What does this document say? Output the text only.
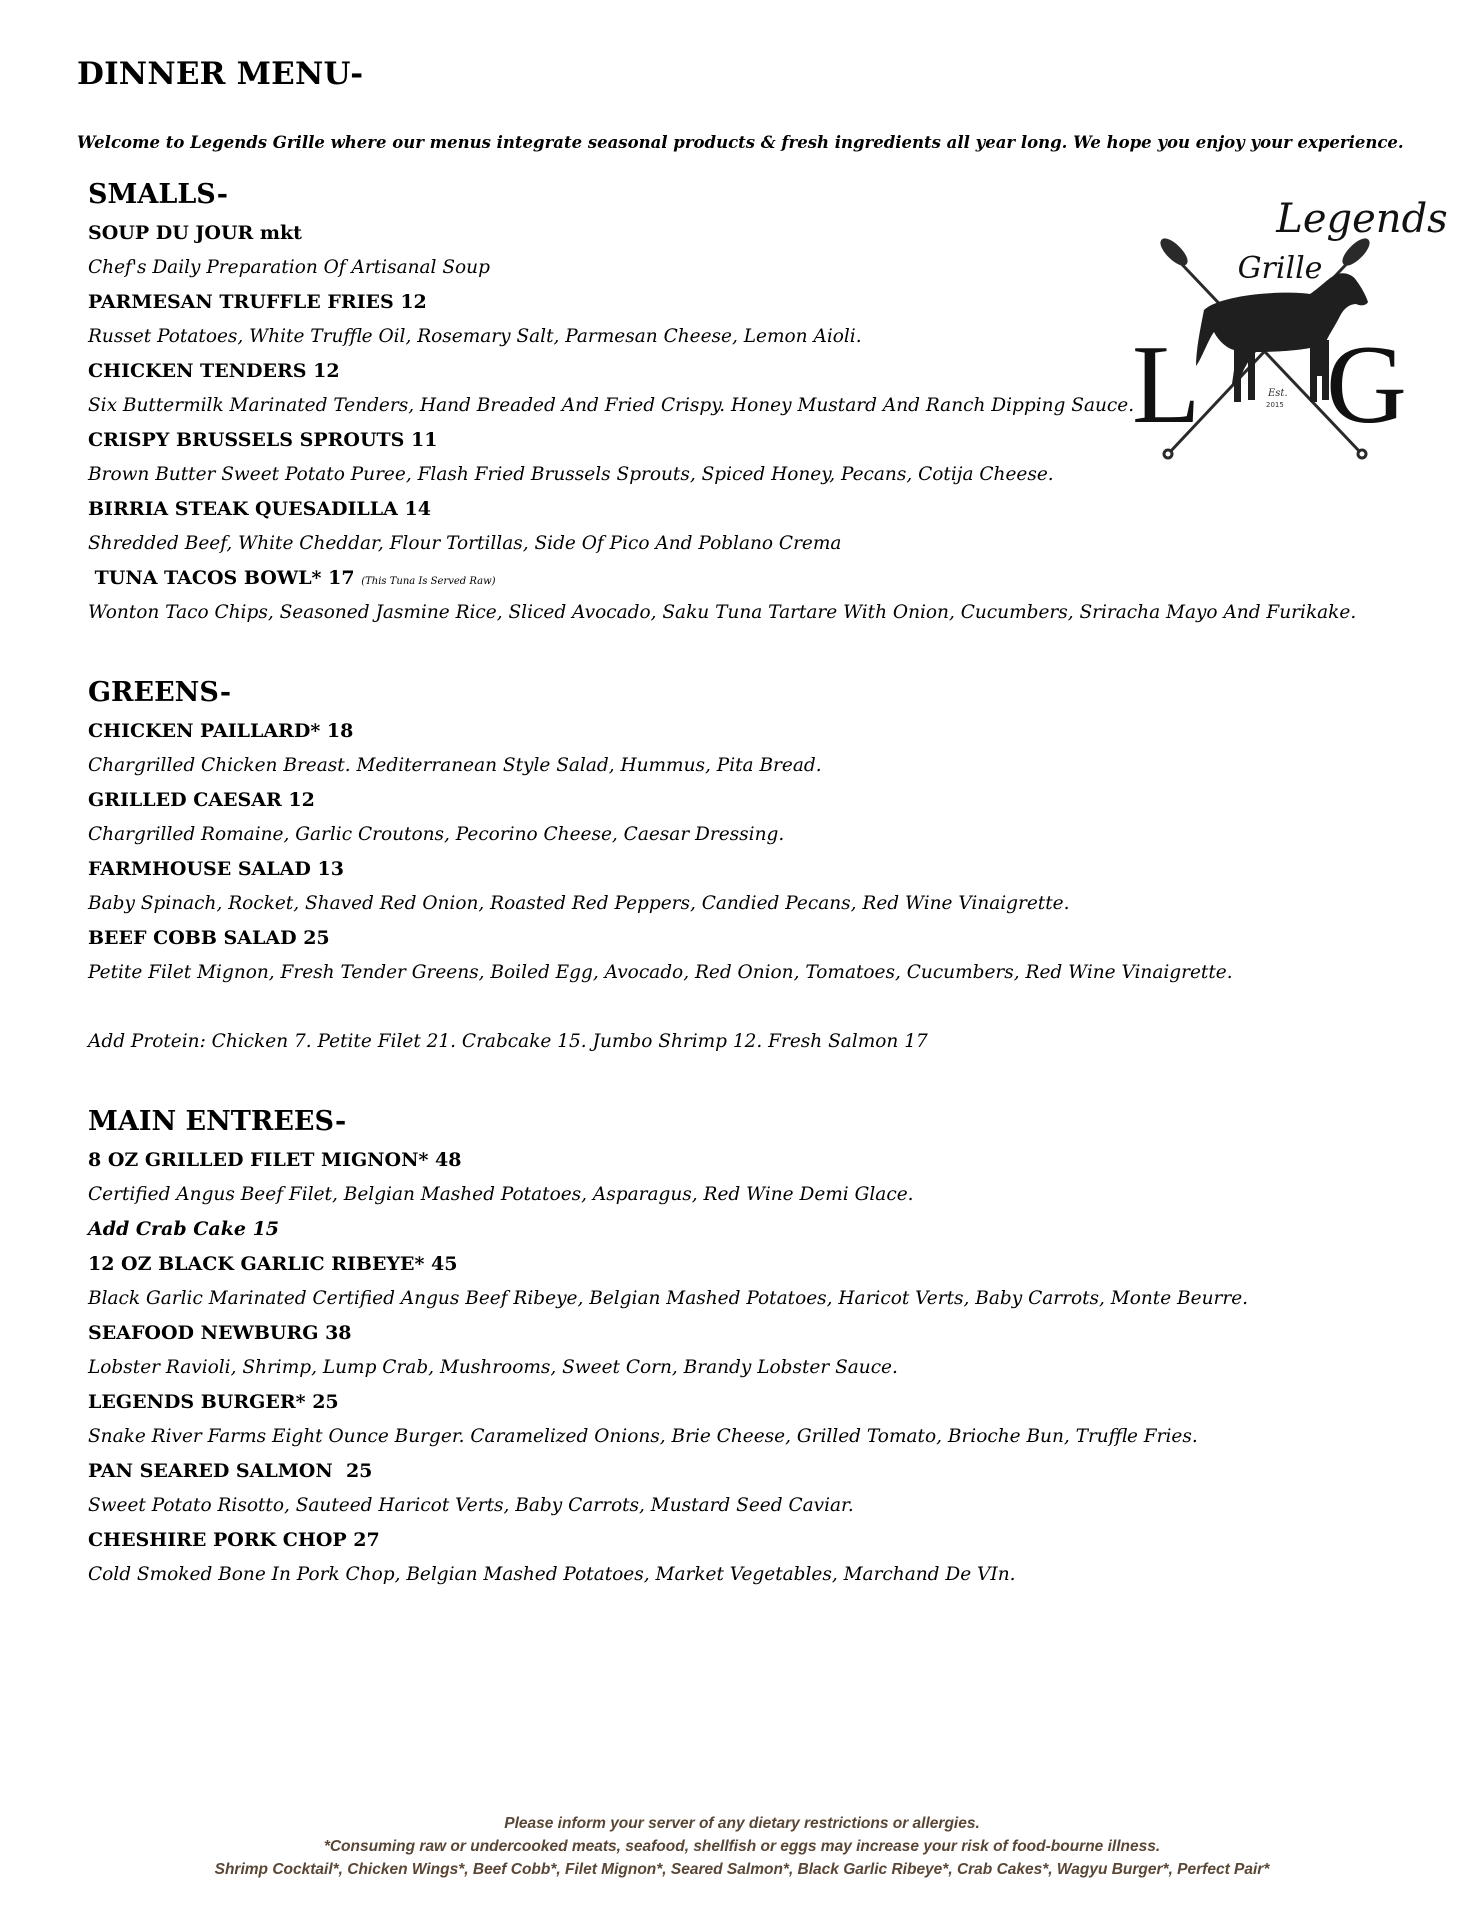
DINNER MENU-

Welcome to Legends Grille where our menus integrate seasonal products & fresh ingredients all year long. We hope you enjoy your experience.

Legends
Grille
L G
Est.
2015
SMALLS-
SOUP DU JOUR mkt
Chef's Daily Preparation Of Artisanal Soup
PARMESAN TRUFFLE FRIES 12
Russet Potatoes, White Truffle Oil, Rosemary Salt, Parmesan Cheese, Lemon Aioli.
CHICKEN TENDERS 12
Six Buttermilk Marinated Tenders, Hand Breaded And Fried Crispy. Honey Mustard And Ranch Dipping Sauce.
CRISPY BRUSSELS SPROUTS 11
Brown Butter Sweet Potato Puree, Flash Fried Brussels Sprouts, Spiced Honey, Pecans, Cotija Cheese.
BIRRIA STEAK QUESADILLA 14
Shredded Beef, White Cheddar, Flour Tortillas, Side Of Pico And Poblano Crema
TUNA TACOS BOWL* 17 (This Tuna Is Served Raw)
Wonton Taco Chips, Seasoned Jasmine Rice, Sliced Avocado, Saku Tuna Tartare With Onion, Cucumbers, Sriracha Mayo And Furikake.
GREENS-
CHICKEN PAILLARD* 18
Chargrilled Chicken Breast. Mediterranean Style Salad, Hummus, Pita Bread.
GRILLED CAESAR 12
Chargrilled Romaine, Garlic Croutons, Pecorino Cheese, Caesar Dressing.
FARMHOUSE SALAD 13
Baby Spinach, Rocket, Shaved Red Onion, Roasted Red Peppers, Candied Pecans, Red Wine Vinaigrette.
BEEF COBB SALAD 25
Petite Filet Mignon, Fresh Tender Greens, Boiled Egg, Avocado, Red Onion, Tomatoes, Cucumbers, Red Wine Vinaigrette.
Add Protein: Chicken 7. Petite Filet 21. Crabcake 15. Jumbo Shrimp 12. Fresh Salmon 17
MAIN ENTREES-
8 OZ GRILLED FILET MIGNON* 48
Certified Angus Beef Filet, Belgian Mashed Potatoes, Asparagus, Red Wine Demi Glace.
Add Crab Cake 15
12 OZ BLACK GARLIC RIBEYE* 45
Black Garlic Marinated Certified Angus Beef Ribeye, Belgian Mashed Potatoes, Haricot Verts, Baby Carrots, Monte Beurre.
SEAFOOD NEWBURG 38
Lobster Ravioli, Shrimp, Lump Crab, Mushrooms, Sweet Corn, Brandy Lobster Sauce.
LEGENDS BURGER* 25
Snake River Farms Eight Ounce Burger. Caramelized Onions, Brie Cheese, Grilled Tomato, Brioche Bun, Truffle Fries.
PAN SEARED SALMON  25
Sweet Potato Risotto, Sauteed Haricot Verts, Baby Carrots, Mustard Seed Caviar.
CHESHIRE PORK CHOP 27
Cold Smoked Bone In Pork Chop, Belgian Mashed Potatoes, Market Vegetables, Marchand De VIn.
Please inform your server of any dietary restrictions or allergies.
*Consuming raw or undercooked meats, seafood, shellfish or eggs may increase your risk of food-bourne illness.
Shrimp Cocktail*, Chicken Wings*, Beef Cobb*, Filet Mignon*, Seared Salmon*, Black Garlic Ribeye*, Crab Cakes*, Wagyu Burger*, Perfect Pair*
